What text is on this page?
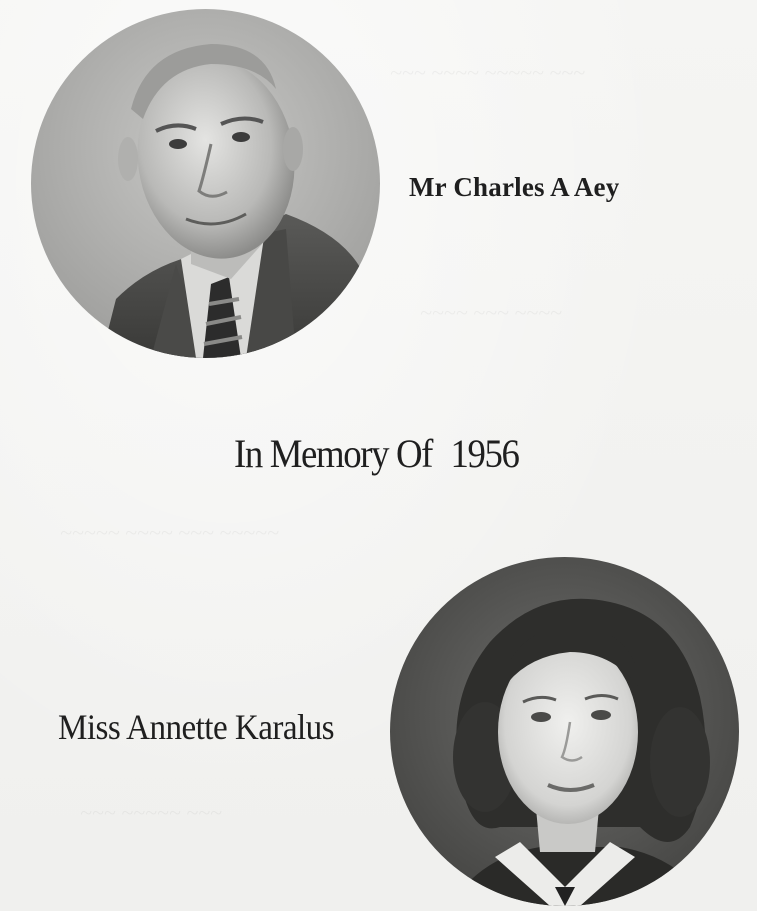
Mr Charles A Aey
In Memory Of 1956
Miss Annette Karalus
